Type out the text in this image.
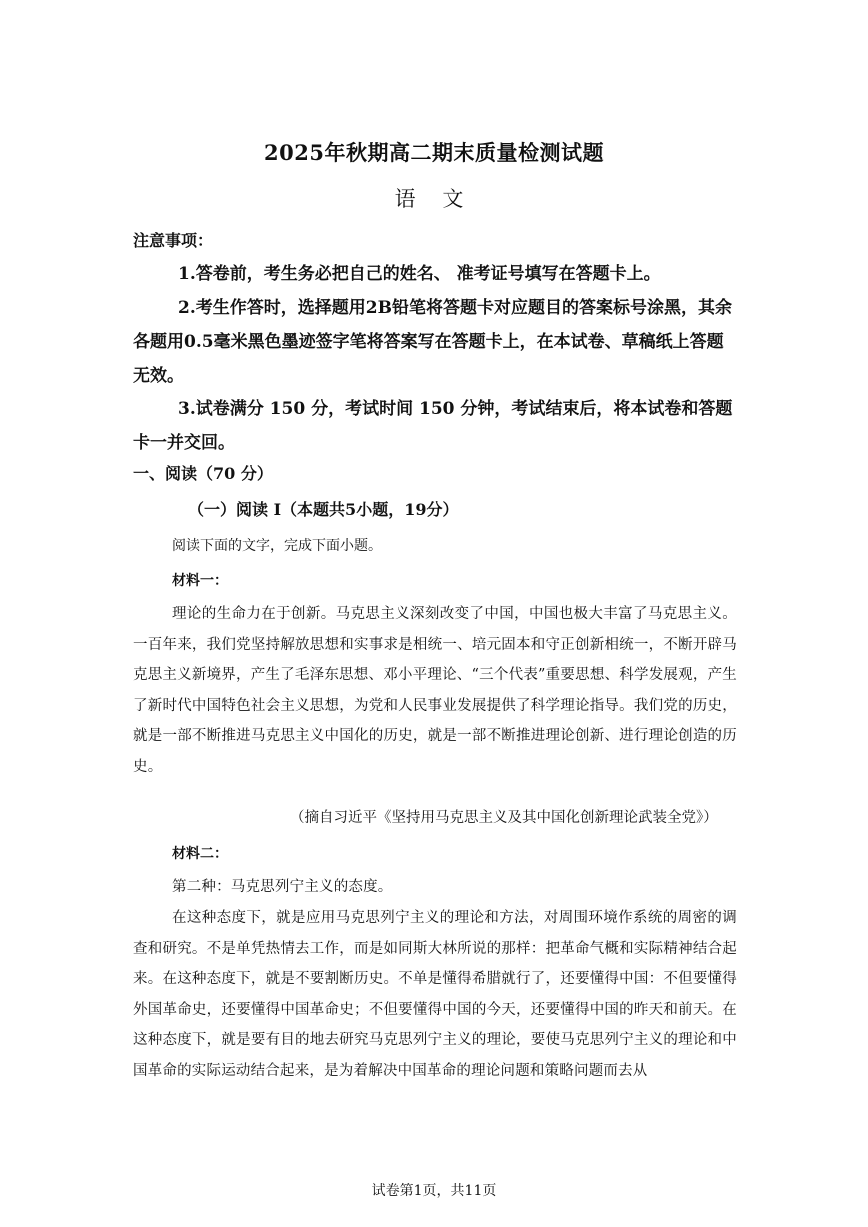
2025年秋期高二期末质量检测试题
语 文
注意事项：
1.答卷前，考生务必把自己的姓名、 准考证号填写在答题卡上。
2.考生作答时，选择题用2B铅笔将答题卡对应题目的答案标号涂黑，其余各题用0.5毫米黑色墨迹签字笔将答案写在答题卡上，在本试卷、草稿纸上答题无效。
3.试卷满分 150 分，考试时间 150 分钟，考试结束后，将本试卷和答题卡一并交回。
一、阅读（70 分）
（一）阅读 I（本题共5小题，19分）
阅读下面的文字，完成下面小题。
材料一：
理论的生命力在于创新。马克思主义深刻改变了中国，中国也极大丰富了马克思主义。一百年来，我们党坚持解放思想和实事求是相统一、培元固本和守正创新相统一，不断开辟马克思主义新境界，产生了毛泽东思想、邓小平理论、“三个代表”重要思想、科学发展观，产生了新时代中国特色社会主义思想，为党和人民事业发展提供了科学理论指导。我们党的历史，就是一部不断推进马克思主义中国化的历史，就是一部不断推进理论创新、进行理论创造的历史。
（摘自习近平《坚持用马克思主义及其中国化创新理论武装全党》）
材料二：
第二种：马克思列宁主义的态度。
在这种态度下，就是应用马克思列宁主义的理论和方法，对周围环境作系统的周密的调查和研究。不是单凭热情去工作，而是如同斯大林所说的那样：把革命气概和实际精神结合起来。在这种态度下，就是不要割断历史。不单是懂得希腊就行了，还要懂得中国：不但要懂得外国革命史，还要懂得中国革命史；不但要懂得中国的今天，还要懂得中国的昨天和前天。在这种态度下，就是要有目的地去研究马克思列宁主义的理论，要使马克思列宁主义的理论和中国革命的实际运动结合起来，是为着解决中国革命的理论问题和策略问题而去从
试卷第1页，共11页
